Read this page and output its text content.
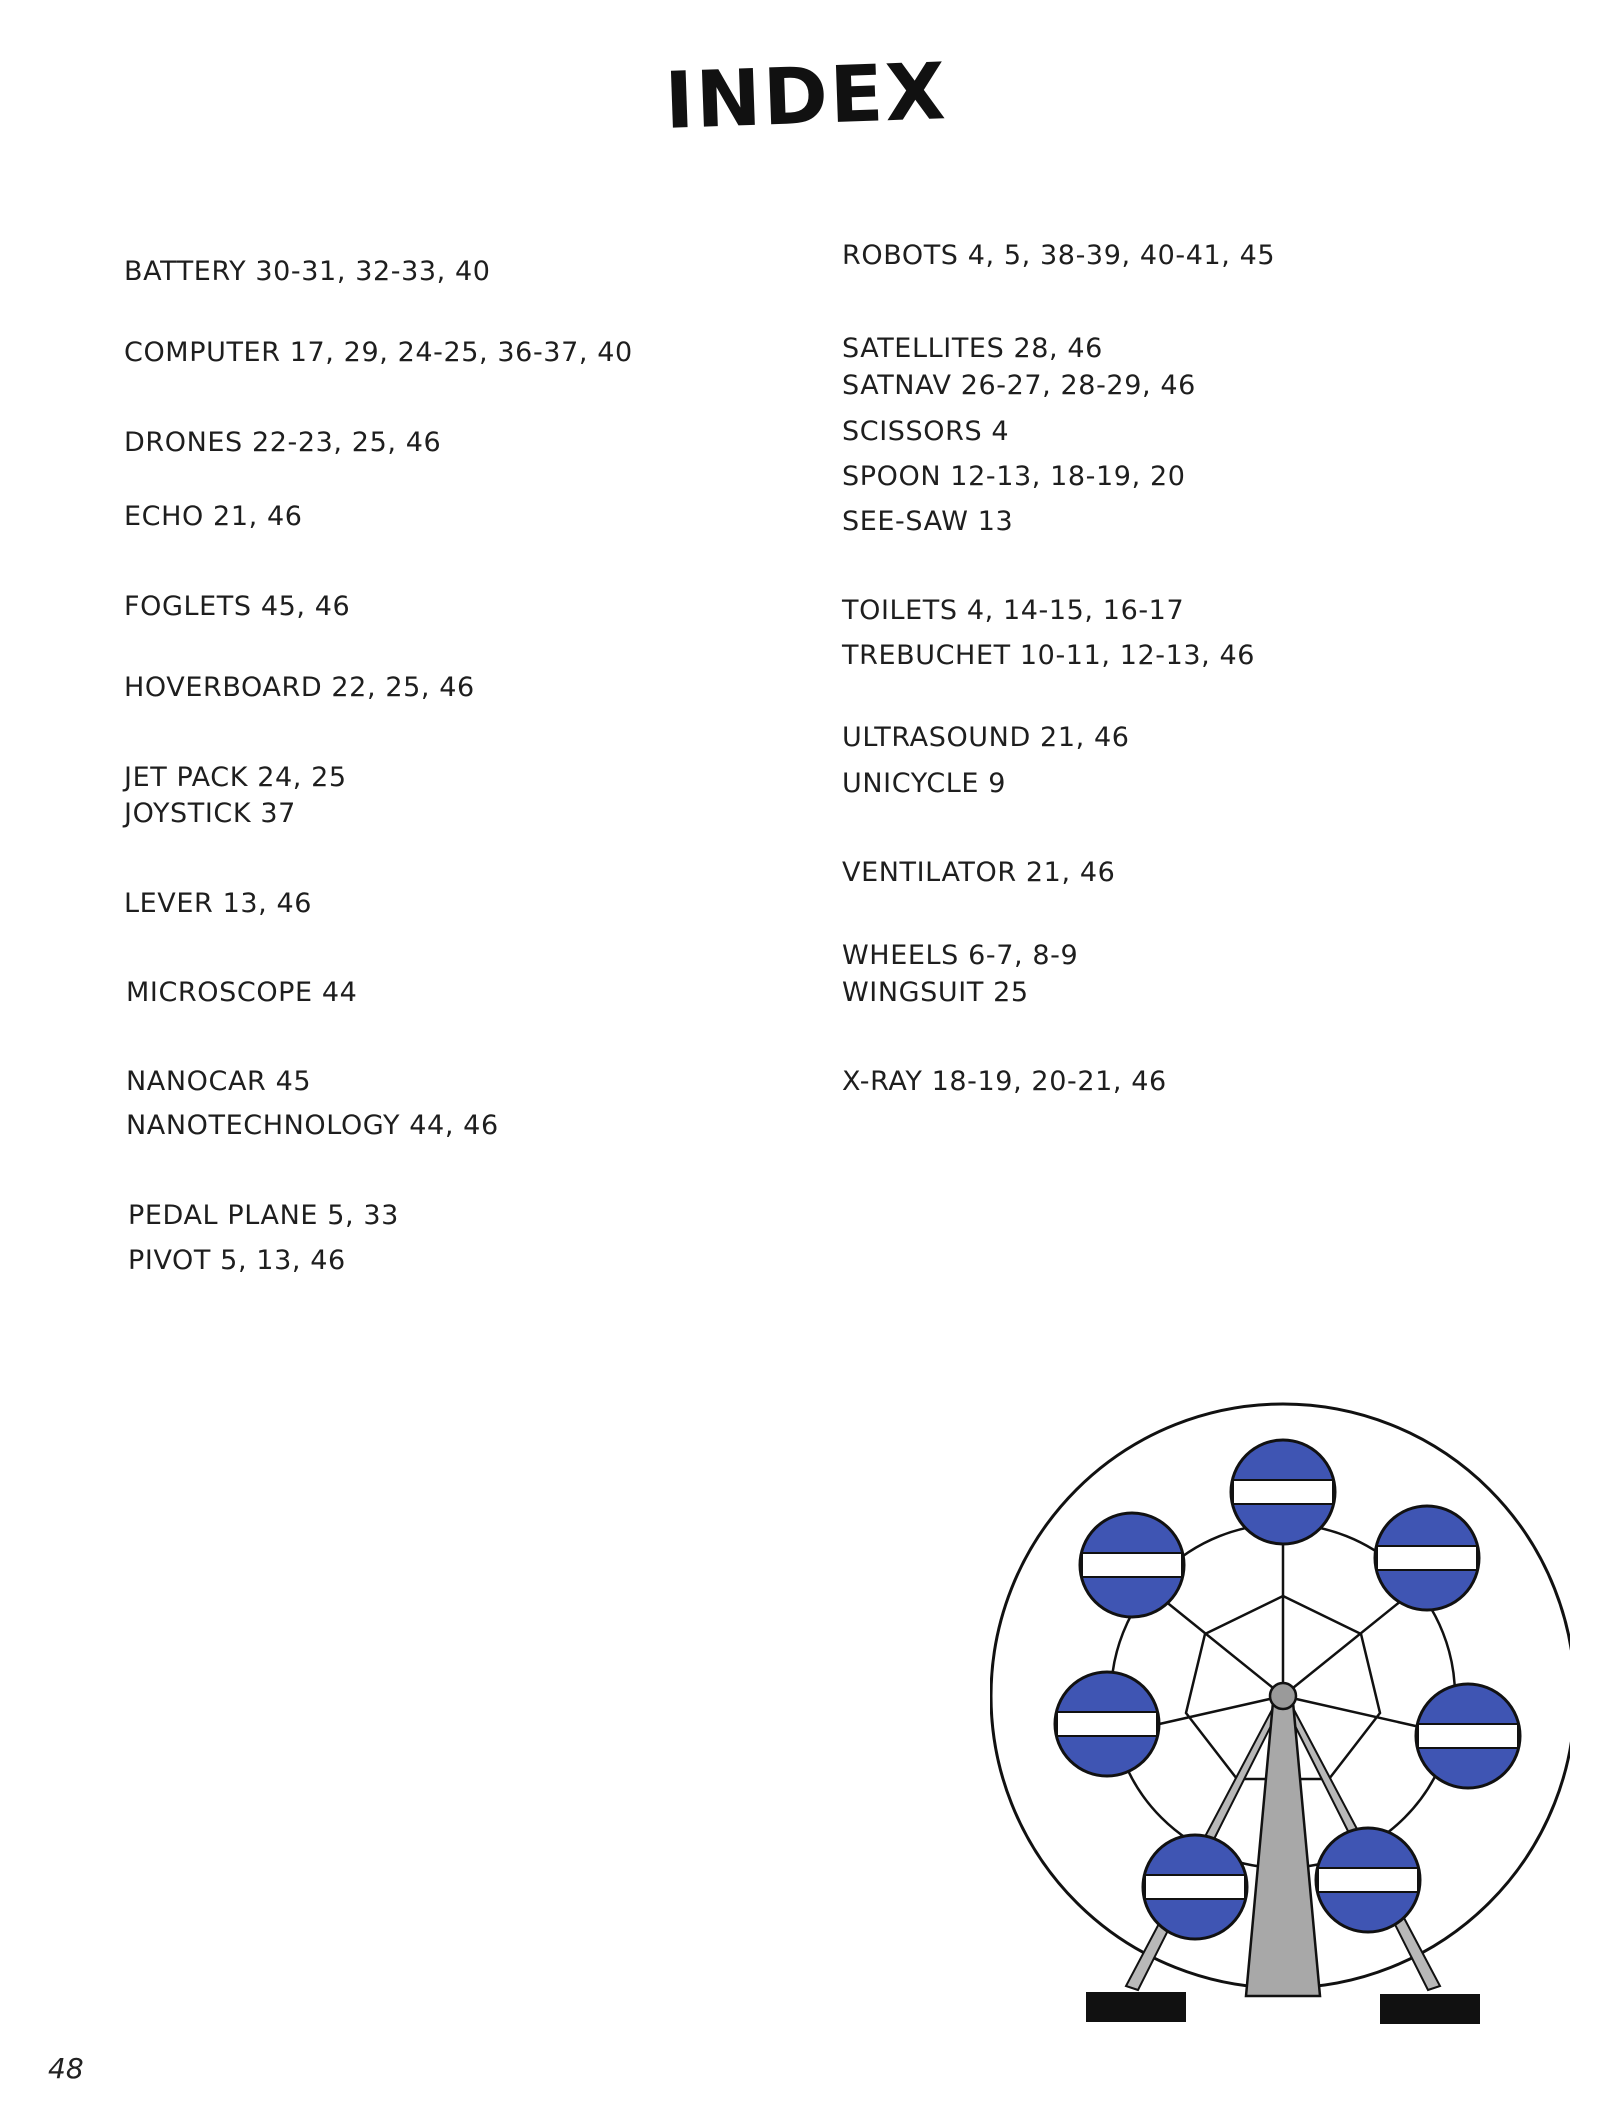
INDEX
BATTERY 30-31, 32-33, 40
COMPUTER 17, 29, 24-25, 36-37, 40
DRONES 22-23, 25, 46
ECHO 21, 46
FOGLETS 45, 46
HOVERBOARD 22, 25, 46
JET PACK 24, 25
JOYSTICK 37
LEVER 13, 46
MICROSCOPE 44
NANOCAR 45
NANOTECHNOLOGY 44, 46
PEDAL PLANE 5, 33
PIVOT 5, 13, 46
ROBOTS 4, 5, 38-39, 40-41, 45
SATELLITES 28, 46
SATNAV 26-27, 28-29, 46
SCISSORS 4
SPOON 12-13, 18-19, 20
SEE-SAW 13
TOILETS 4, 14-15, 16-17
TREBUCHET 10-11, 12-13, 46
ULTRASOUND 21, 46
UNICYCLE 9
VENTILATOR 21, 46
WHEELS 6-7, 8-9
WINGSUIT 25
X-RAY 18-19, 20-21, 46
48
